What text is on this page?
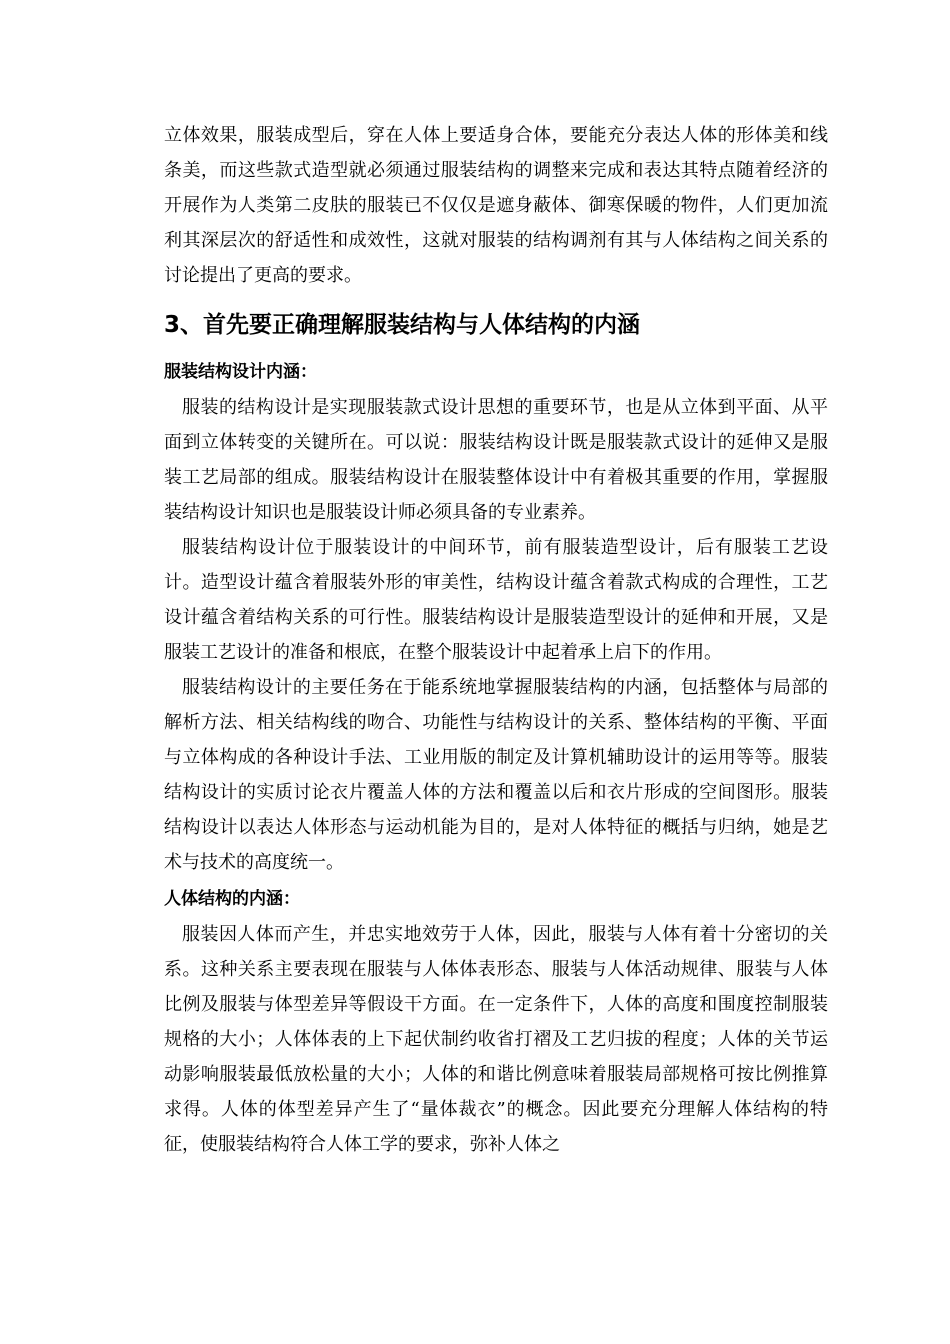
立体效果，服装成型后，穿在人体上要适身合体，要能充分表达人体的形体美和线条美，而这些款式造型就必须通过服装结构的调整来完成和表达其特点随着经济的开展作为人类第二皮肤的服装已不仅仅是遮身蔽体、御寒保暖的物件，人们更加流利其深层次的舒适性和成效性，这就对服装的结构调剂有其与人体结构之间关系的讨论提出了更高的要求。

3、首先要正确理解服装结构与人体结构的内涵
服装结构设计内涵：

服装的结构设计是实现服装款式设计思想的重要环节，也是从立体到平面、从平面到立体转变的关键所在。可以说：服装结构设计既是服装款式设计的延伸又是服装工艺局部的组成。服装结构设计在服装整体设计中有着极其重要的作用，掌握服装结构设计知识也是服装设计师必须具备的专业素养。

服装结构设计位于服装设计的中间环节，前有服装造型设计，后有服装工艺设计。造型设计蕴含着服装外形的审美性，结构设计蕴含着款式构成的合理性，工艺设计蕴含着结构关系的可行性。服装结构设计是服装造型设计的延伸和开展，又是服装工艺设计的准备和根底，在整个服装设计中起着承上启下的作用。

服装结构设计的主要任务在于能系统地掌握服装结构的内涵，包括整体与局部的解析方法、相关结构线的吻合、功能性与结构设计的关系、整体结构的平衡、平面与立体构成的各种设计手法、工业用版的制定及计算机辅助设计的运用等等。服装结构设计的实质讨论衣片覆盖人体的方法和覆盖以后和衣片形成的空间图形。服装结构设计以表达人体形态与运动机能为目的，是对人体特征的概括与归纳，她是艺术与技术的高度统一。

人体结构的内涵：

服装因人体而产生，并忠实地效劳于人体，因此，服装与人体有着十分密切的关系。这种关系主要表现在服装与人体体表形态、服装与人体活动规律、服装与人体比例及服装与体型差异等假设干方面。在一定条件下，人体的高度和围度控制服装规格的大小；人体体表的上下起伏制约收省打褶及工艺归拔的程度；人体的关节运动影响服装最低放松量的大小；人体的和谐比例意味着服装局部规格可按比例推算求得。人体的体型差异产生了“量体裁衣”的概念。因此要充分理解人体结构的特征，使服装结构符合人体工学的要求，弥补人体之
